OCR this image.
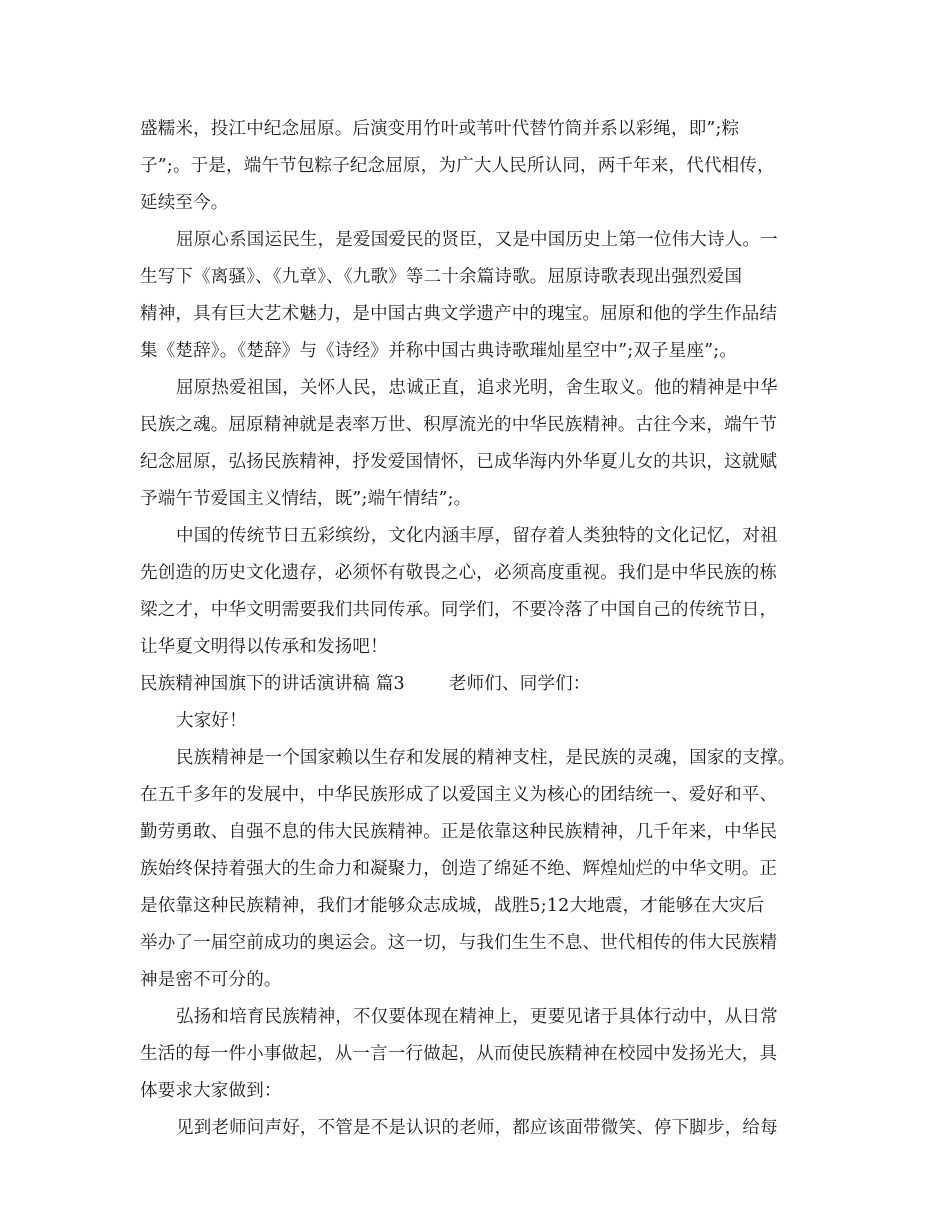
盛糯米，投江中纪念屈原。后演变用竹叶或苇叶代替竹筒并系以彩绳，即”;粽
子”;。于是，端午节包粽子纪念屈原，为广大人民所认同，两千年来，代代相传，
延续至今。
屈原心系国运民生，是爱国爱民的贤臣，又是中国历史上第一位伟大诗人。一
生写下《离骚》、《九章》、《九歌》等二十余篇诗歌。屈原诗歌表现出强烈爱国
精神，具有巨大艺术魅力，是中国古典文学遗产中的瑰宝。屈原和他的学生作品结
集《楚辞》。《楚辞》与《诗经》并称中国古典诗歌璀灿星空中”;双子星座”;。
屈原热爱祖国，关怀人民，忠诚正直，追求光明，舍生取义。他的精神是中华
民族之魂。屈原精神就是表率万世、积厚流光的中华民族精神。古往今来，端午节
纪念屈原，弘扬民族精神，抒发爱国情怀，已成华海内外华夏儿女的共识，这就赋
予端午节爱国主义情结，既”;端午情结”;。
中国的传统节日五彩缤纷，文化内涵丰厚，留存着人类独特的文化记忆，对祖
先创造的历史文化遗存，必须怀有敬畏之心，必须高度重视。我们是中华民族的栋
梁之才，中华文明需要我们共同传承。同学们，不要冷落了中国自己的传统节日，
让华夏文明得以传承和发扬吧！
民族精神国旗下的讲话演讲稿 篇3	老师们、同学们：
大家好！
民族精神是一个国家赖以生存和发展的精神支柱，是民族的灵魂，国家的支撑。
在五千多年的发展中，中华民族形成了以爱国主义为核心的团结统一、爱好和平、
勤劳勇敢、自强不息的伟大民族精神。正是依靠这种民族精神，几千年来，中华民
族始终保持着强大的生命力和凝聚力，创造了绵延不绝、辉煌灿烂的中华文明。正
是依靠这种民族精神，我们才能够众志成城，战胜5;12大地震，才能够在大灾后
举办了一届空前成功的奥运会。这一切，与我们生生不息、世代相传的伟大民族精
神是密不可分的。
弘扬和培育民族精神，不仅要体现在精神上，更要见诸于具体行动中，从日常
生活的每一件小事做起，从一言一行做起，从而使民族精神在校园中发扬光大，具
体要求大家做到：
见到老师问声好，不管是不是认识的老师，都应该面带微笑、停下脚步，给每
